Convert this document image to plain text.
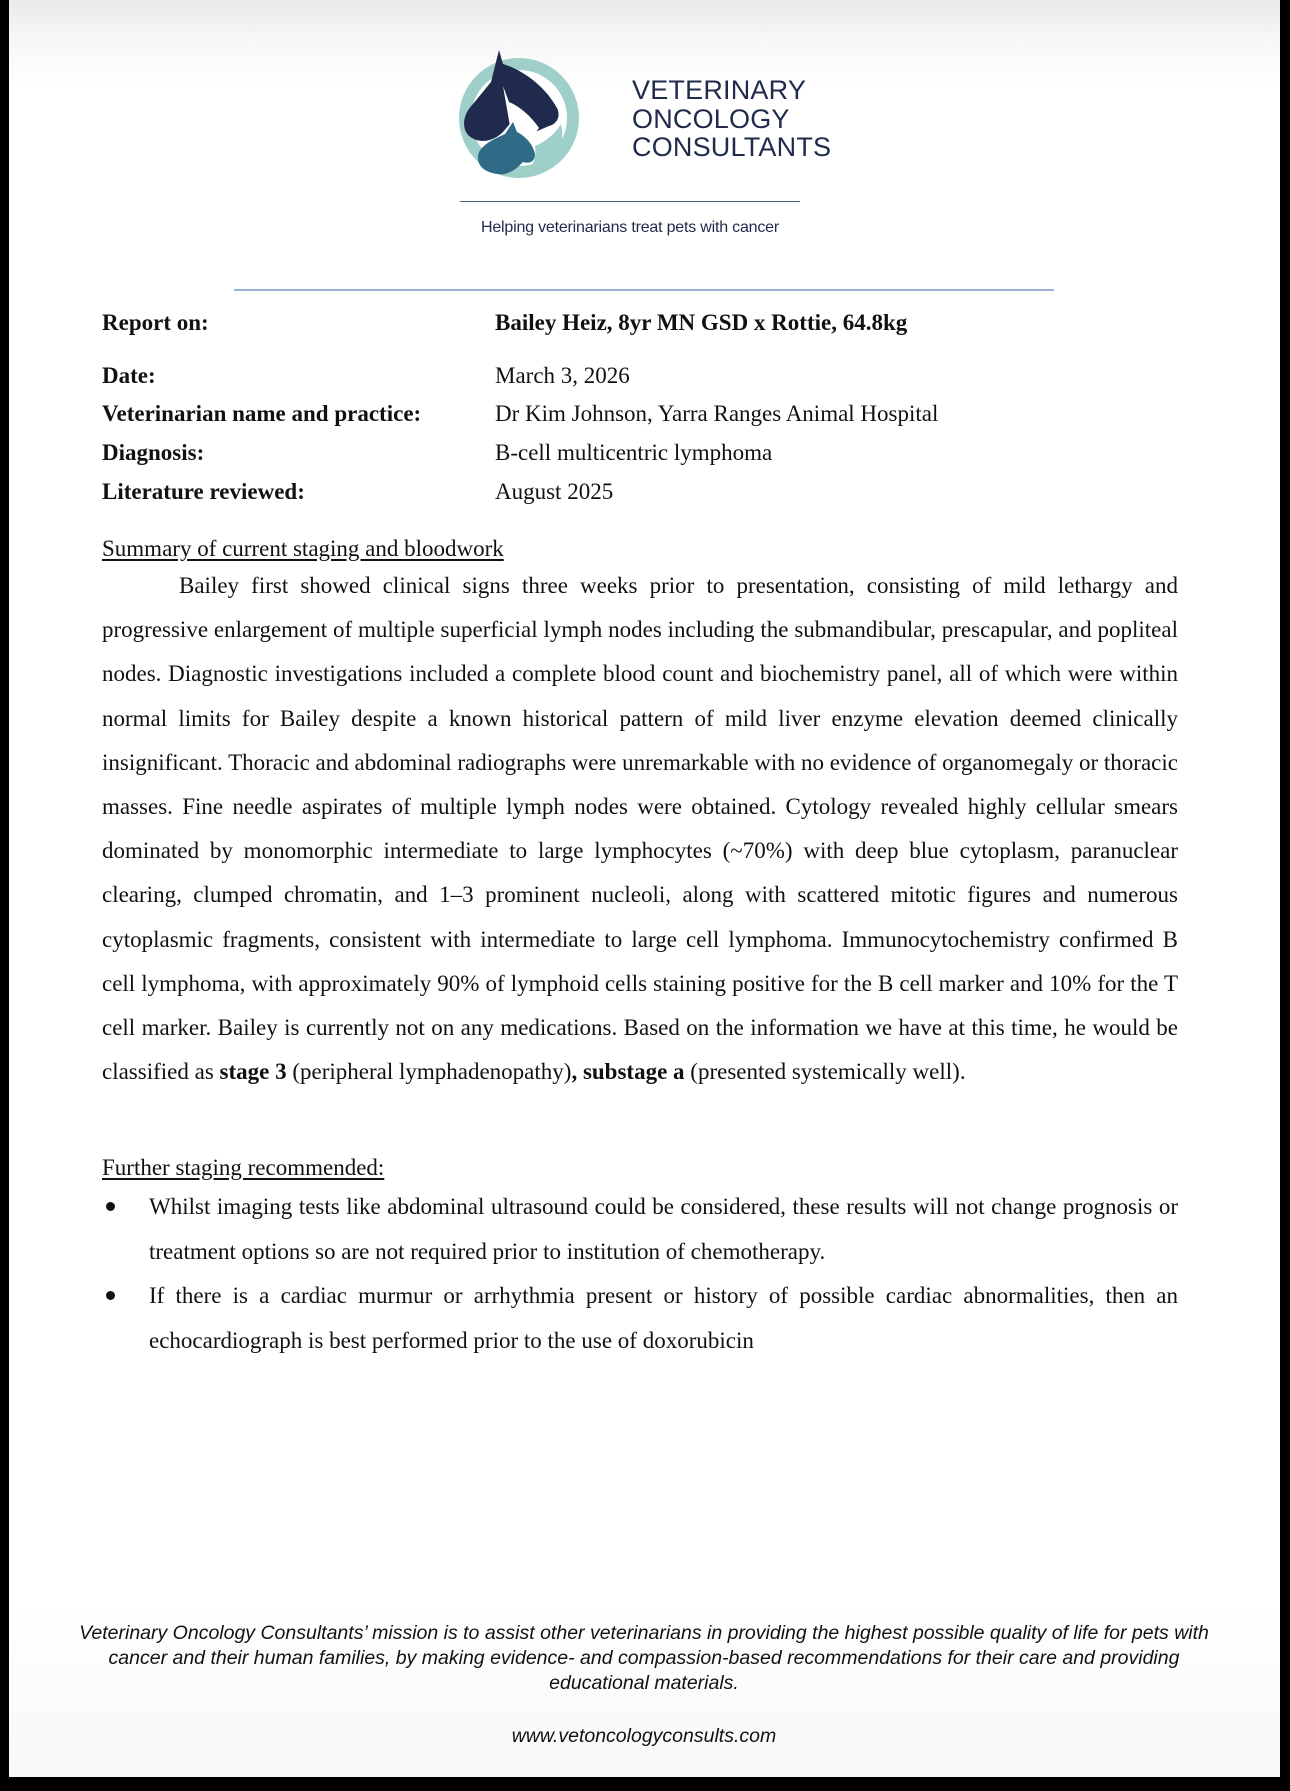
VETERINARY
ONCOLOGY
CONSULTANTS
Helping veterinarians treat pets with cancer
Report on:	Bailey Heiz, 8yr MN GSD x Rottie, 64.8kg
Date:	March 3, 2026
Veterinarian name and practice:	Dr Kim Johnson, Yarra Ranges Animal Hospital
Diagnosis:	B-cell multicentric lymphoma
Literature reviewed:	August 2025
Summary of current staging and bloodwork
Bailey first showed clinical signs three weeks prior to presentation, consisting of mild lethargy and progressive enlargement of multiple superficial lymph nodes including the submandibular, prescapular, and popliteal nodes. Diagnostic investigations included a complete blood count and biochemistry panel, all of which were within normal limits for Bailey despite a known historical pattern of mild liver enzyme elevation deemed clinically insignificant. Thoracic and abdominal radiographs were unremarkable with no evidence of organomegaly or thoracic masses. Fine needle aspirates of multiple lymph nodes were obtained. Cytology revealed highly cellular smears dominated by monomorphic intermediate to large lymphocytes (~70%) with deep blue cytoplasm, paranuclear clearing, clumped chromatin, and 1–3 prominent nucleoli, along with scattered mitotic figures and numerous cytoplasmic fragments, consistent with intermediate to large cell lymphoma. Immunocytochemistry confirmed B cell lymphoma, with approximately 90% of lymphoid cells staining positive for the B cell marker and 10% for the T cell marker. Bailey is currently not on any medications. Based on the information we have at this time, he would be classified as stage 3 (peripheral lymphadenopathy), substage a (presented systemically well).
Further staging recommended:
Whilst imaging tests like abdominal ultrasound could be considered, these results will not change prognosis or treatment options so are not required prior to institution of chemotherapy.
If there is a cardiac murmur or arrhythmia present or history of possible cardiac abnormalities, then an echocardiograph is best performed prior to the use of doxorubicin
Veterinary Oncology Consultants’ mission is to assist other veterinarians in providing the highest possible quality of life for pets with cancer and their human families, by making evidence- and compassion-based recommendations for their care and providing educational materials.
www.vetoncologyconsults.com
